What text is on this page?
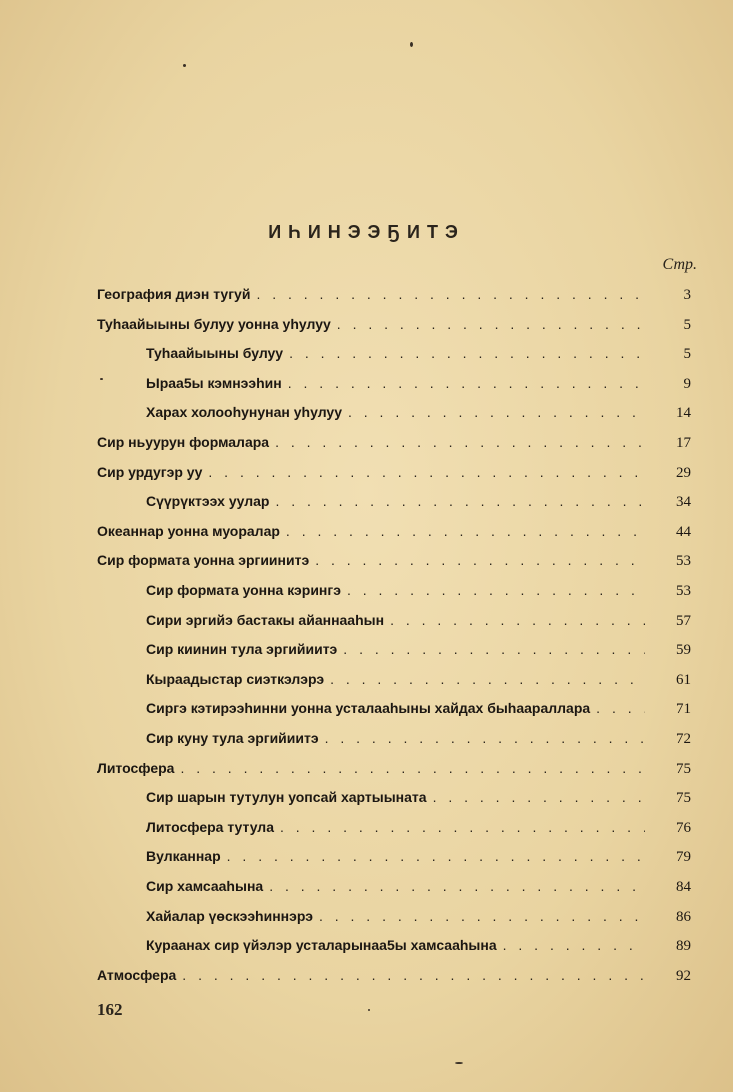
ИҺИНЭЭҔИТЭ
Стр.
География диэн тугуй . . .	3
Туһаайыыны булуу уонна уһулуу . . .	5
Туһаайыыны булуу . . .	5
Ыраа5ы кэмнээһин . . .	9
Харах холооһунунан уһулуу . . .	14
Сир ньуурун формалара . . .	17
Сир урдугэр уу . . .	29
Сүүрүктээх уулар . . .	34
Океаннар уонна муоралар . . .	44
Сир формата уонна эргиинитэ . . .	53
Сир формата уонна кэрингэ . . .	53
Сири эргийэ бастакы айаннааһын . . .	57
Сир киинин тула эргийиитэ . . .	59
Кыраадыстар сиэткэлэрэ . . .	61
Сиргэ кэтирээһинни уонна усталааһыны хайдах быһааралларa . . .	71
Сир куну тула эргийиитэ . . .	72
Литосфера . . .	75
Сир шарын тутулун уопсай хартыыната . . .	75
Литосфера тутула . . .	76
Вулканнар . . .	79
Сир хамсааһына . . .	84
Хайалар үөскээһиннэрэ . . .	86
Кураанах сир үйэлэр усталарынаа5ы хамсааһына . . .	89
Атмосфера . . .	92
162
